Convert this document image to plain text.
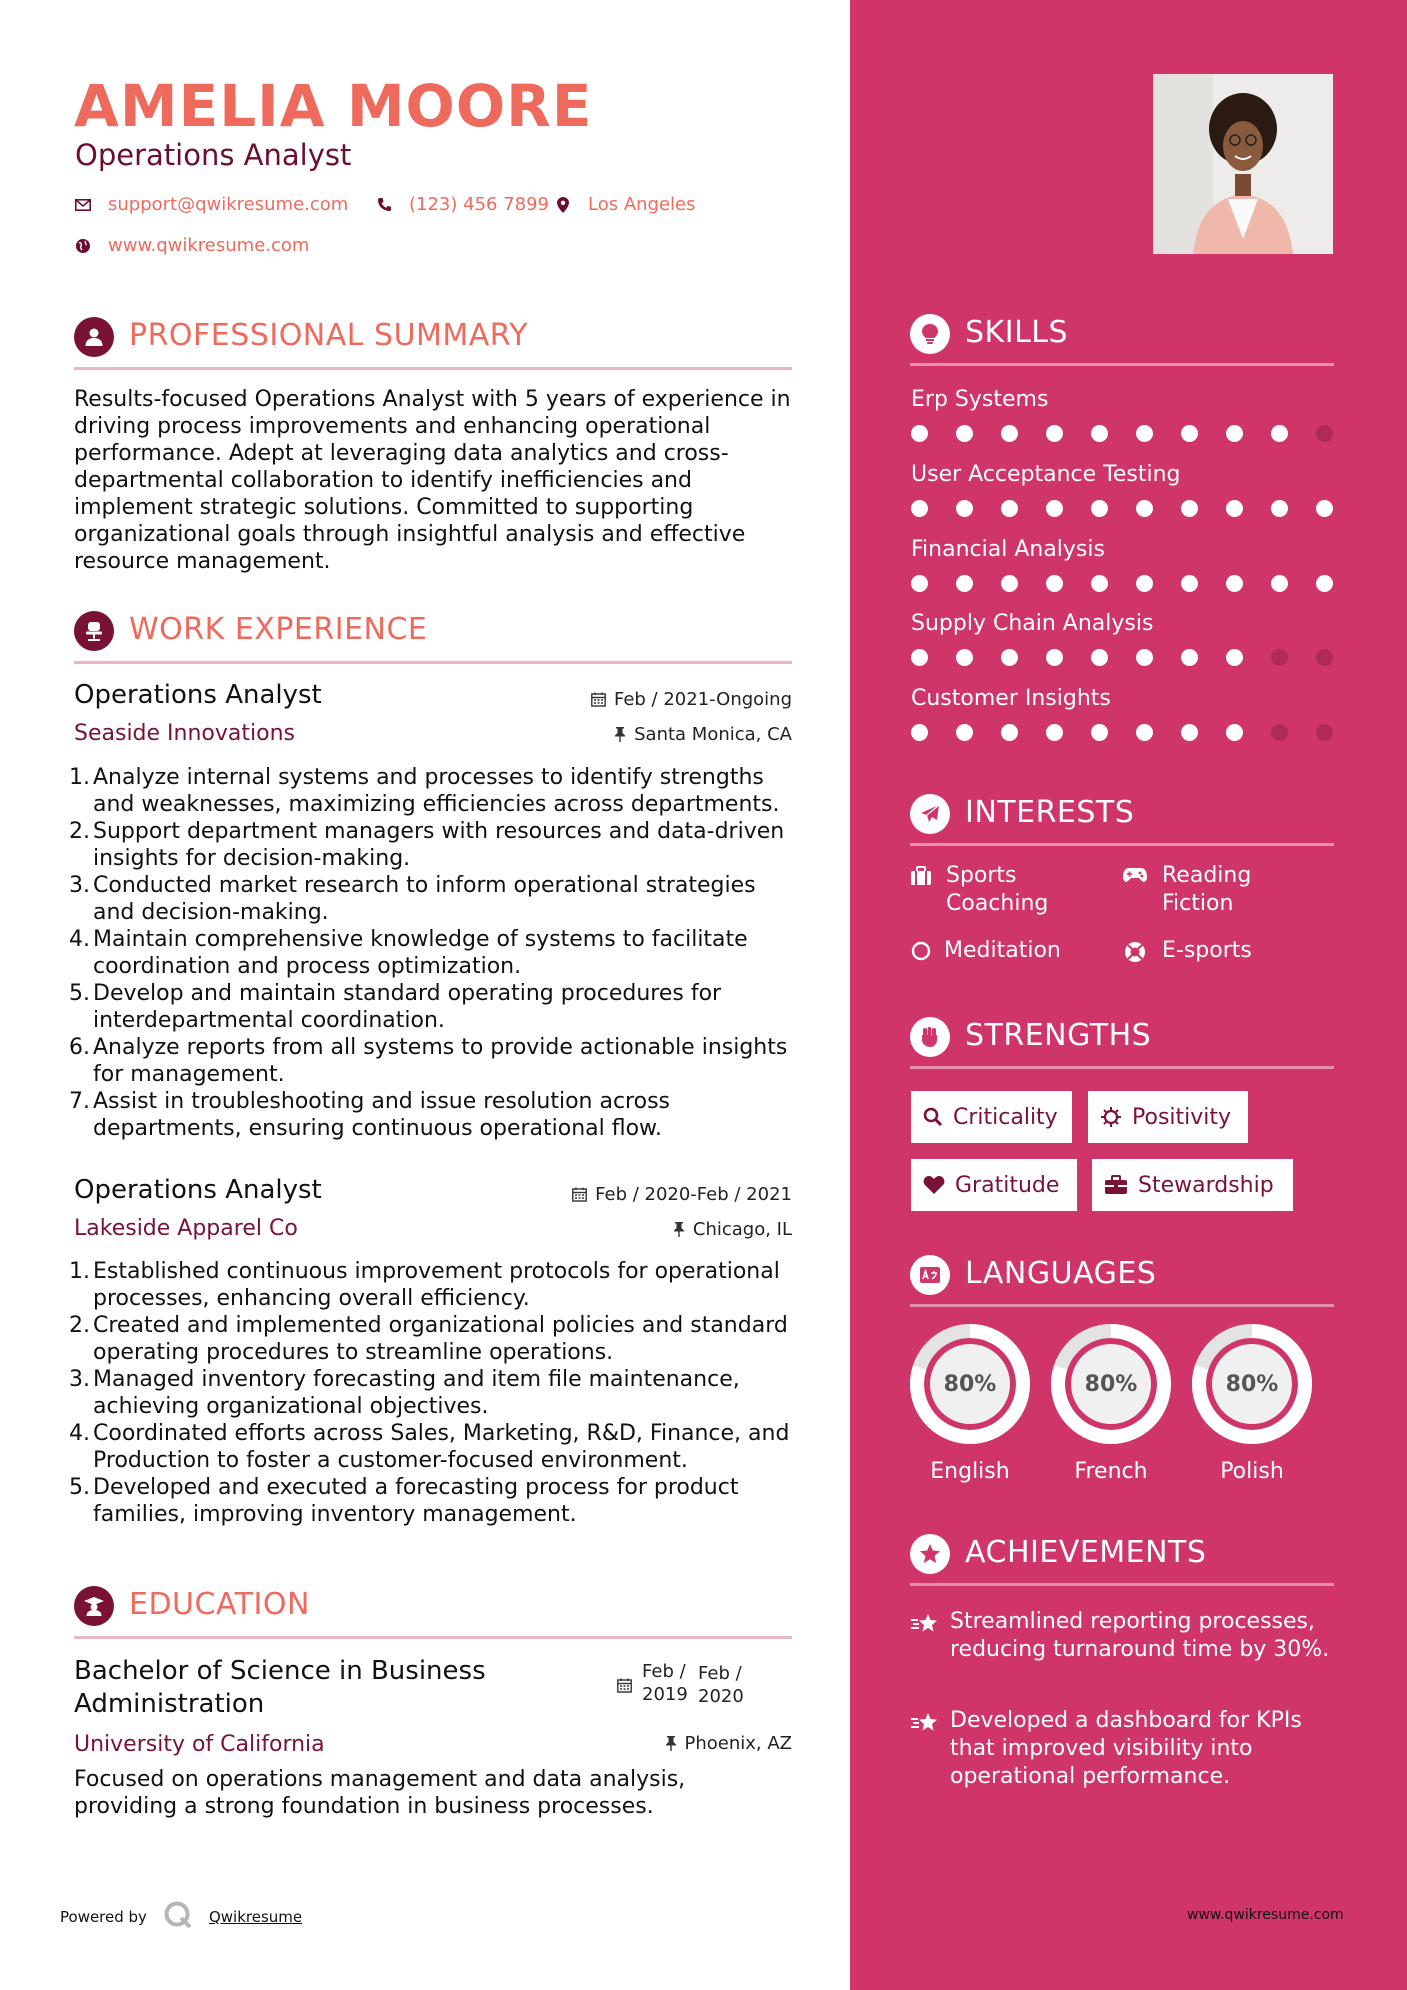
AMELIA MOORE
Operations Analyst
support@qwikresume.com	(123) 456 7899 Los Angeles
www.qwikresume.com
PROFESSIONAL SUMMARY
Results-focused Operations Analyst with 5 years of experience in driving process improvements and enhancing operational performance. Adept at leveraging data analytics and cross-departmental collaboration to identify inefficiencies and implement strategic solutions. Committed to supporting organizational goals through insightful analysis and effective resource management.
WORK EXPERIENCE
Operations Analyst	Feb / 2021-Ongoing
Seaside Innovations	Santa Monica, CA
1. Analyze internal systems and processes to identify strengths and weaknesses, maximizing efficiencies across departments.
2. Support department managers with resources and data-driven insights for decision-making.
3. Conducted market research to inform operational strategies and decision-making.
4. Maintain comprehensive knowledge of systems to facilitate coordination and process optimization.
5. Develop and maintain standard operating procedures for interdepartmental coordination.
6. Analyze reports from all systems to provide actionable insights for management.
7. Assist in troubleshooting and issue resolution across departments, ensuring continuous operational flow.
Operations Analyst	Feb / 2020-Feb / 2021
Lakeside Apparel Co	Chicago, IL
1. Established continuous improvement protocols for operational processes, enhancing overall efficiency.
2. Created and implemented organizational policies and standard operating procedures to streamline operations.
3. Managed inventory forecasting and item file maintenance, achieving organizational objectives.
4. Coordinated efforts across Sales, Marketing, R&D, Finance, and Production to foster a customer-focused environment.
5. Developed and executed a forecasting process for product families, improving inventory management.
EDUCATION
Bachelor of Science in Business
Administration
Feb /
2019
Feb /
2020
University of California	Phoenix, AZ
Focused on operations management and data analysis, providing a strong foundation in business processes.
Powered by	Qwikresume
SKILLS
Erp Systems
User Acceptance Testing
Financial Analysis
Supply Chain Analysis
Customer Insights
INTERESTS
Sports
Coaching
Reading
Fiction
Meditation	E-sports
STRENGTHS
Criticality	Positivity
Gratitude	Stewardship
LANGUAGES
80%	80%	80%
English	French	Polish
ACHIEVEMENTS
Streamlined reporting processes, reducing turnaround time by 30%.
Developed a dashboard for KPIs that improved visibility into operational performance.
www.qwikresume.com
